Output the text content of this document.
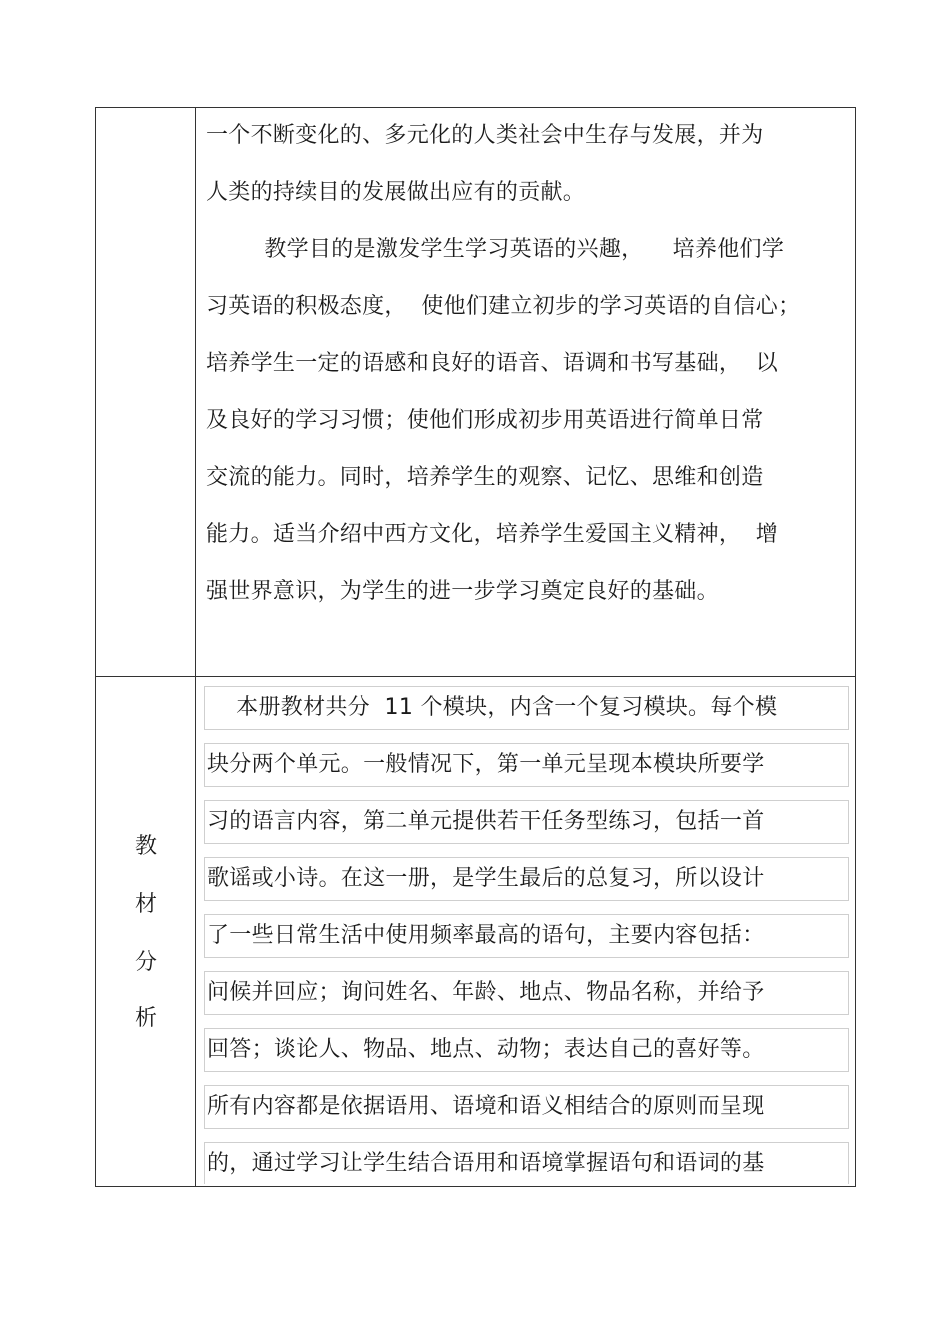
一个不断变化的、多元化的人类社会中生存与发展，并为
人类的持续目的发展做出应有的贡献。
教学目的是激发学生学习英语的兴趣，    培养他们学
习英语的积极态度，  使他们建立初步的学习英语的自信心；
培养学生一定的语感和良好的语音、语调和书写基础，  以
及良好的学习习惯；使他们形成初步用英语进行简单日常
交流的能力。同时，培养学生的观察、记忆、思维和创造
能力。适当介绍中西方文化，培养学生爱国主义精神，  增
强世界意识，为学生的进一步学习奠定良好的基础。
教
材
分
析
本册教材共分  11 个模块，内含一个复习模块。每个模
块分两个单元。一般情况下，第一单元呈现本模块所要学
习的语言内容，第二单元提供若干任务型练习，包括一首
歌谣或小诗。在这一册，是学生最后的总复习，所以设计
了一些日常生活中使用频率最高的语句，主要内容包括：
问候并回应；询问姓名、年龄、地点、物品名称，并给予
回答；谈论人、物品、地点、动物；表达自己的喜好等。
所有内容都是依据语用、语境和语义相结合的原则而呈现
的，通过学习让学生结合语用和语境掌握语句和语词的基
